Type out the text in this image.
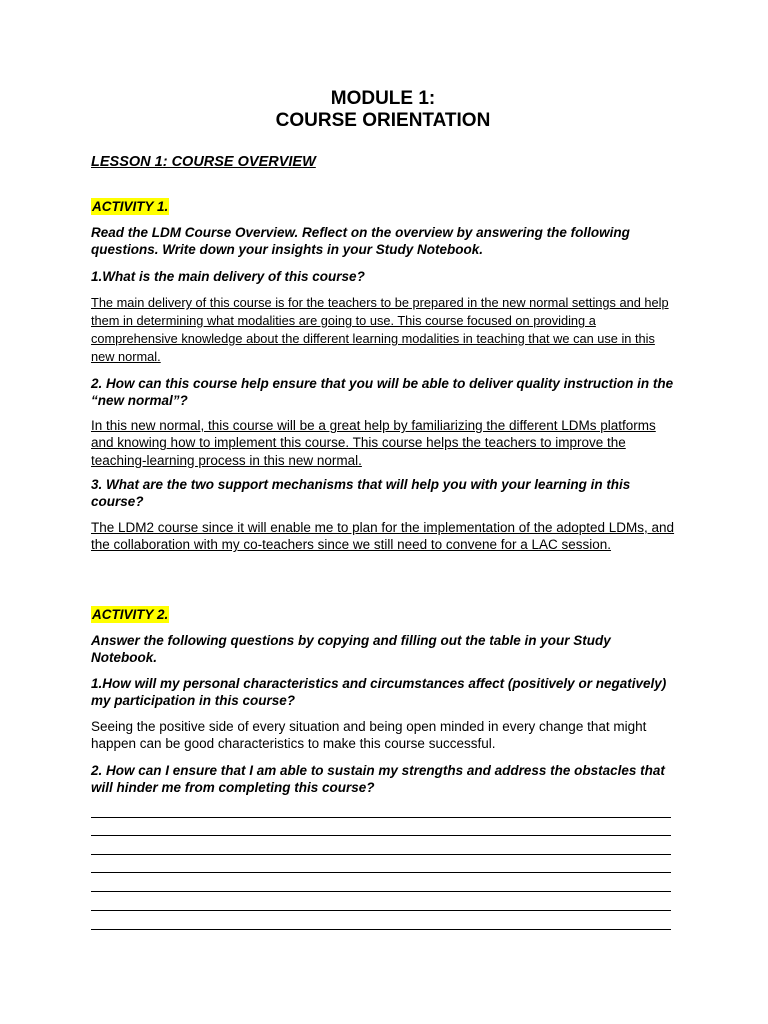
MODULE 1:
COURSE ORIENTATION
LESSON 1: COURSE OVERVIEW
ACTIVITY 1.
Read the LDM Course Overview. Reflect on the overview by answering the following questions. Write down your insights in your Study Notebook.
1.What is the main delivery of this course?
The main delivery of this course is for the teachers to be prepared in the new normal settings and help them in determining what modalities are going to use. This course focused on providing a comprehensive knowledge about the different learning modalities in teaching that we can use in this new normal.
2. How can this course help ensure that you will be able to deliver quality instruction in the “new normal”?
In this new normal, this course will be a great help by familiarizing the different LDMs platforms and knowing how to implement this course. This course helps the teachers to improve the teaching-learning process in this new normal.
3. What are the two support mechanisms that will help you with your learning in this course?
The LDM2 course since it will enable me to plan for the implementation of the adopted LDMs, and the collaboration with my co-teachers since we still need to convene for a LAC session.
ACTIVITY 2.
Answer the following questions by copying and filling out the table in your Study Notebook.
1.How will my personal characteristics and circumstances affect (positively or negatively) my participation in this course?
Seeing the positive side of every situation and being open minded in every change that might happen can be good characteristics to make this course successful.
2. How can I ensure that I am able to sustain my strengths and address the obstacles that will hinder me from completing this course?
